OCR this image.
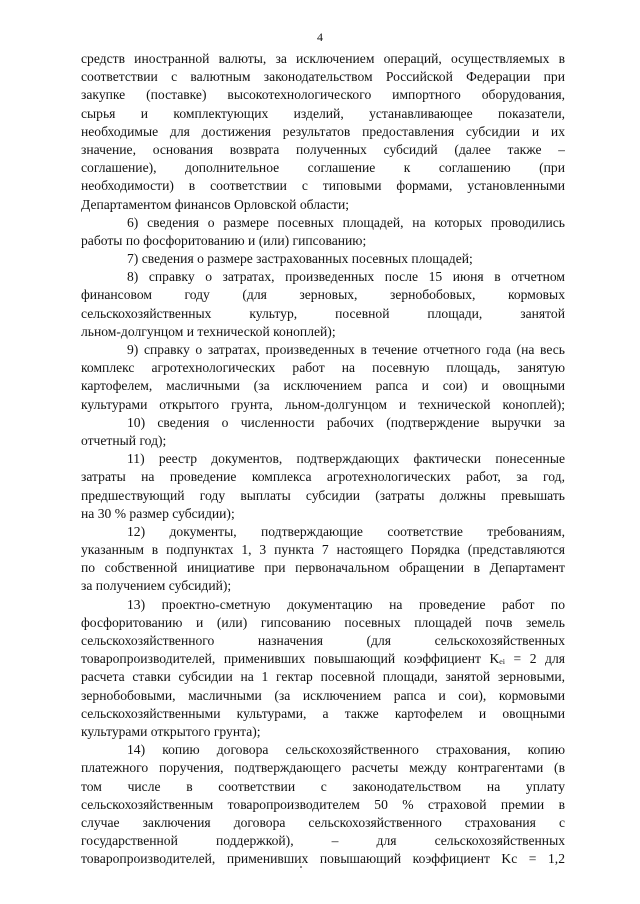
4
средств иностранной валюты, за исключением операций, осуществляемых в
соответствии с валютным законодательством Российской Федерации при
закупке (поставке) высокотехнологического импортного оборудования,
сырья и комплектующих изделий, устанавливающее показатели,
необходимые для достижения результатов предоставления субсидии и их
значение, основания возврата полученных субсидий (далее также –
соглашение), дополнительное соглашение к соглашению (при
необходимости) в соответствии с типовыми формами, установленными
Департаментом финансов Орловской области;
6) сведения о размере посевных площадей, на которых проводились
работы по фосфоритованию и (или) гипсованию;
7) сведения о размере застрахованных посевных площадей;
8) справку о затратах, произведенных после 15 июня в отчетном
финансовом году (для зерновых, зернобобовых, кормовых
сельскохозяйственных культур, посевной площади, занятой
льном-долгунцом и технической коноплей);
9) справку о затратах, произведенных в течение отчетного года (на весь
комплекс агротехнологических работ на посевную площадь, занятую
картофелем, масличными (за исключением рапса и сои) и овощными
культурами открытого грунта, льном-долгунцом и технической коноплей);
10) сведения о численности рабочих (подтверждение выручки за
отчетный год);
11) реестр документов, подтверждающих фактически понесенные
затраты на проведение комплекса агротехнологических работ, за год,
предшествующий году выплаты субсидии (затраты должны превышать
на 30 % размер субсидии);
12) документы, подтверждающие соответствие требованиям,
указанным в подпунктах 1, 3 пункта 7 настоящего Порядка (представляются
по собственной инициативе при первоначальном обращении в Департамент
за получением субсидий);
13) проектно-сметную документацию на проведение работ по
фосфоритованию и (или) гипсованию посевных площадей почв земель
сельскохозяйственного назначения (для сельскохозяйственных
товаропроизводителей, применивших повышающий коэффициент Kₑᵢ = 2 для
расчета ставки субсидии на 1 гектар посевной площади, занятой зерновыми,
зернобобовыми, масличными (за исключением рапса и сои), кормовыми
сельскохозяйственными культурами, а также картофелем и овощными
культурами открытого грунта);
14) копию договора сельскохозяйственного страхования, копию
платежного поручения, подтверждающего расчеты между контрагентами (в
том числе в соответствии с законодательством на уплату
сельскохозяйственным товаропроизводителем 50 % страховой премии в
случае заключения договора сельскохозяйственного страхования с
государственной поддержкой), – для сельскохозяйственных
товаропроизводителей, применивших повышающий коэффициент Kc = 1,2
